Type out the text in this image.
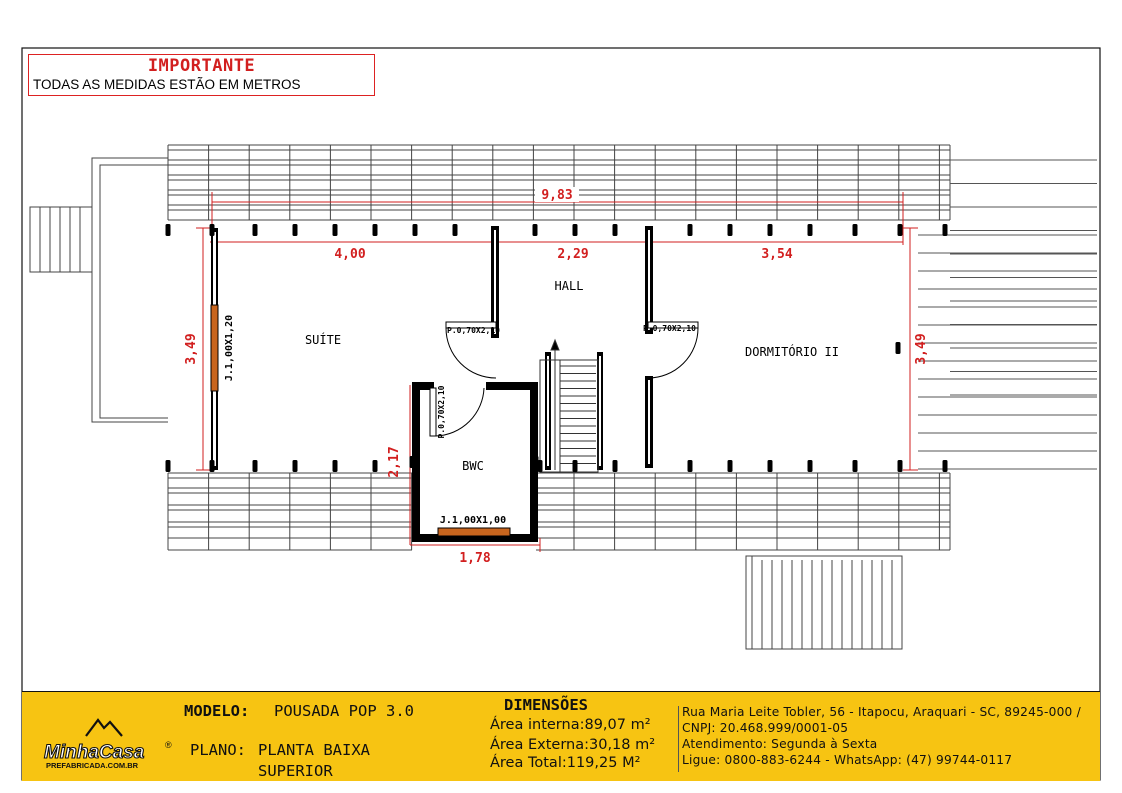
9,83
4,00	2,29	3,54
3,49	3,49
2,17
1,78
SUÍTE
HALL
DORMITÓRIO II
BWC
J.1,00X1,20	P.0,70X2,10	P.0,70X2,10
P.0,70X2,10
J.1,00X1,00
IMPORTANTE
TODAS AS MEDIDAS ESTÃO EM METROS
MinhaCasa ®
PREFABRICADA.COM.BR
MODELO: POUSADA POP 3.0
PLANO: PLANTA BAIXA
SUPERIOR
DIMENSÕES
Área interna:89,07 m²
Área Externa:30,18 m²
Área Total:119,25 M²
Rua Maria Leite Tobler, 56 - Itapocu, Araquari - SC, 89245-000 / CNPJ: 20.468.999/0001-05
Atendimento: Segunda à Sexta
Ligue: 0800-883-6244 - WhatsApp: (47) 99744-0117
